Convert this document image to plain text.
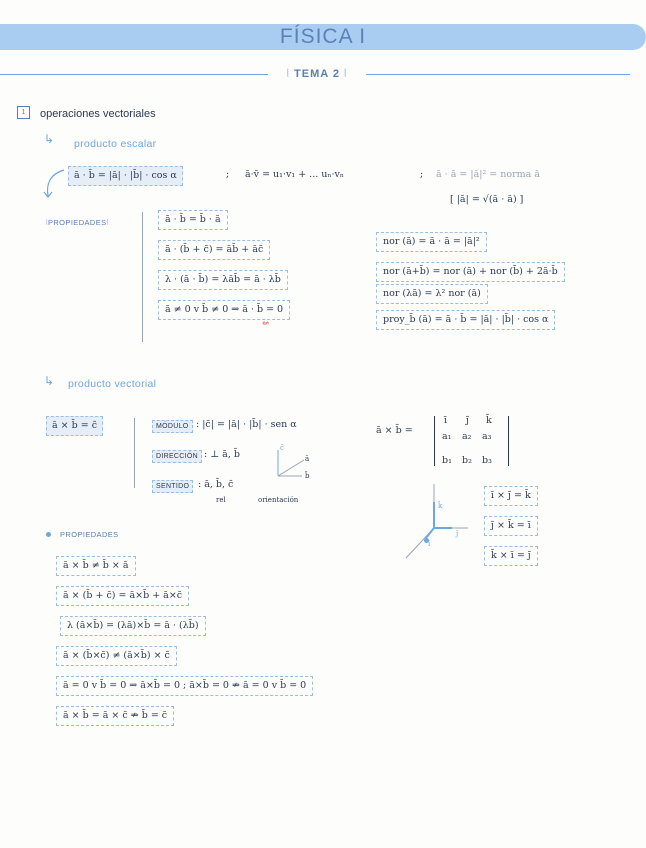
FÍSICA I
⦚ TEMA 2 ⦚
1	operaciones vectoriales
↳ producto escalar
ā · b̄ = |ā| · |b̄| · cos α	; ā·v̄ = u₁·v₁ + ... uₙ·vₙ	; ā · ā = |ā|² = norma ā
[ |ā| = √(ā · ā) ]
⦚PROPIEDADES⦚	ā · b̄ = b̄ · ā
ā · (b̄ + c̄) = āb̄ + āc̄
λ · (ā · b̄) = λāb̄ = ā · λb̄
ā ≠ 0 v b̄ ≠ 0 ⇒ ā · b̄ = 0
⇍
nor (ā) = ā · ā = |ā|²
nor (ā+b̄) = nor (ā) + nor (b̄) + 2ā·b̄
nor (λā) = λ² nor (ā)
proy_b̄ (ā) = ā · b̄ = |ā| · |b̄| · cos α
↳ producto vectorial
ā × b̄ = c̄	MÓDULO : |c̄| = |ā| · |b̄| · sen α
DIRECCIÓN : ⊥ ā, b̄
c̄
ā
b̄
SENTIDO : ā, b̄, c̄
rel	orientación
ā × b̄ =
ī j̄ k̄
a₁ a₂ a₃
b₁ b₂ b₃
k̄
ī
j̄
ī × j̄ = k̄
j̄ × k̄ = ī
k̄ × ī = j̄
PROPIEDADES
ā × b̄ ≠ b̄ × ā
ā × (b̄ + c̄) = ā×b̄ + ā×c̄
λ (ā×b̄) = (λā)×b̄ = ā · (λb̄)
ā × (b̄×c̄) ≠ (ā×b̄) × c̄
ā = 0 v b̄ = 0 ⇒ ā×b̄ = 0 ; ā×b̄ = 0 ⇏ ā = 0 v b̄ = 0
ā × b̄ = ā × c̄ ⇏ b̄ = c̄
